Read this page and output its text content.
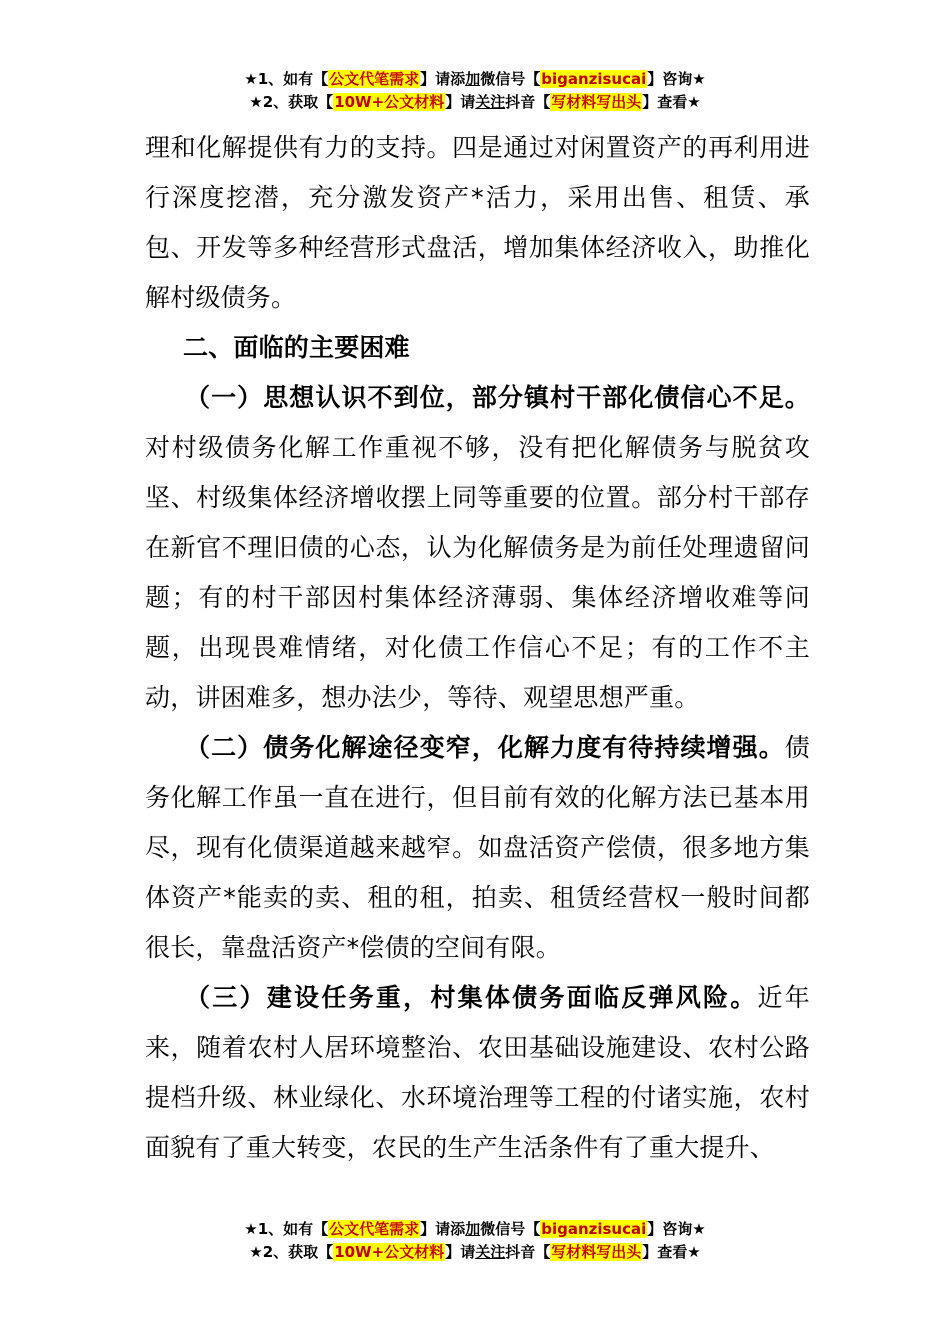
★1、如有【公文代笔需求】请添加微信号【biganzisucai】咨询★
★2、获取【10W+公文材料】请关注抖音【写材料写出头】查看★

理和化解提供有力的支持。四是通过对闲置资产的再利用进行深度挖潜，充分激发资产*活力，采用出售、租赁、承包、开发等多种经营形式盘活，增加集体经济收入，助推化解村级债务。

二、面临的主要困难

（一）思想认识不到位，部分镇村干部化债信心不足。对村级债务化解工作重视不够，没有把化解债务与脱贫攻坚、村级集体经济增收摆上同等重要的位置。部分村干部存在新官不理旧债的心态，认为化解债务是为前任处理遗留问题；有的村干部因村集体经济薄弱、集体经济增收难等问题，出现畏难情绪，对化债工作信心不足；有的工作不主动，讲困难多，想办法少，等待、观望思想严重。

（二）债务化解途径变窄，化解力度有待持续增强。债务化解工作虽一直在进行，但目前有效的化解方法已基本用尽，现有化债渠道越来越窄。如盘活资产偿债，很多地方集体资产*能卖的卖、租的租，拍卖、租赁经营权一般时间都很长，靠盘活资产*偿债的空间有限。

（三）建设任务重，村集体债务面临反弹风险。近年来，随着农村人居环境整治、农田基础设施建设、农村公路提档升级、林业绿化、水环境治理等工程的付诸实施，农村面貌有了重大转变，农民的生产生活条件有了重大提升、

★1、如有【公文代笔需求】请添加微信号【biganzisucai】咨询★
★2、获取【10W+公文材料】请关注抖音【写材料写出头】查看★
